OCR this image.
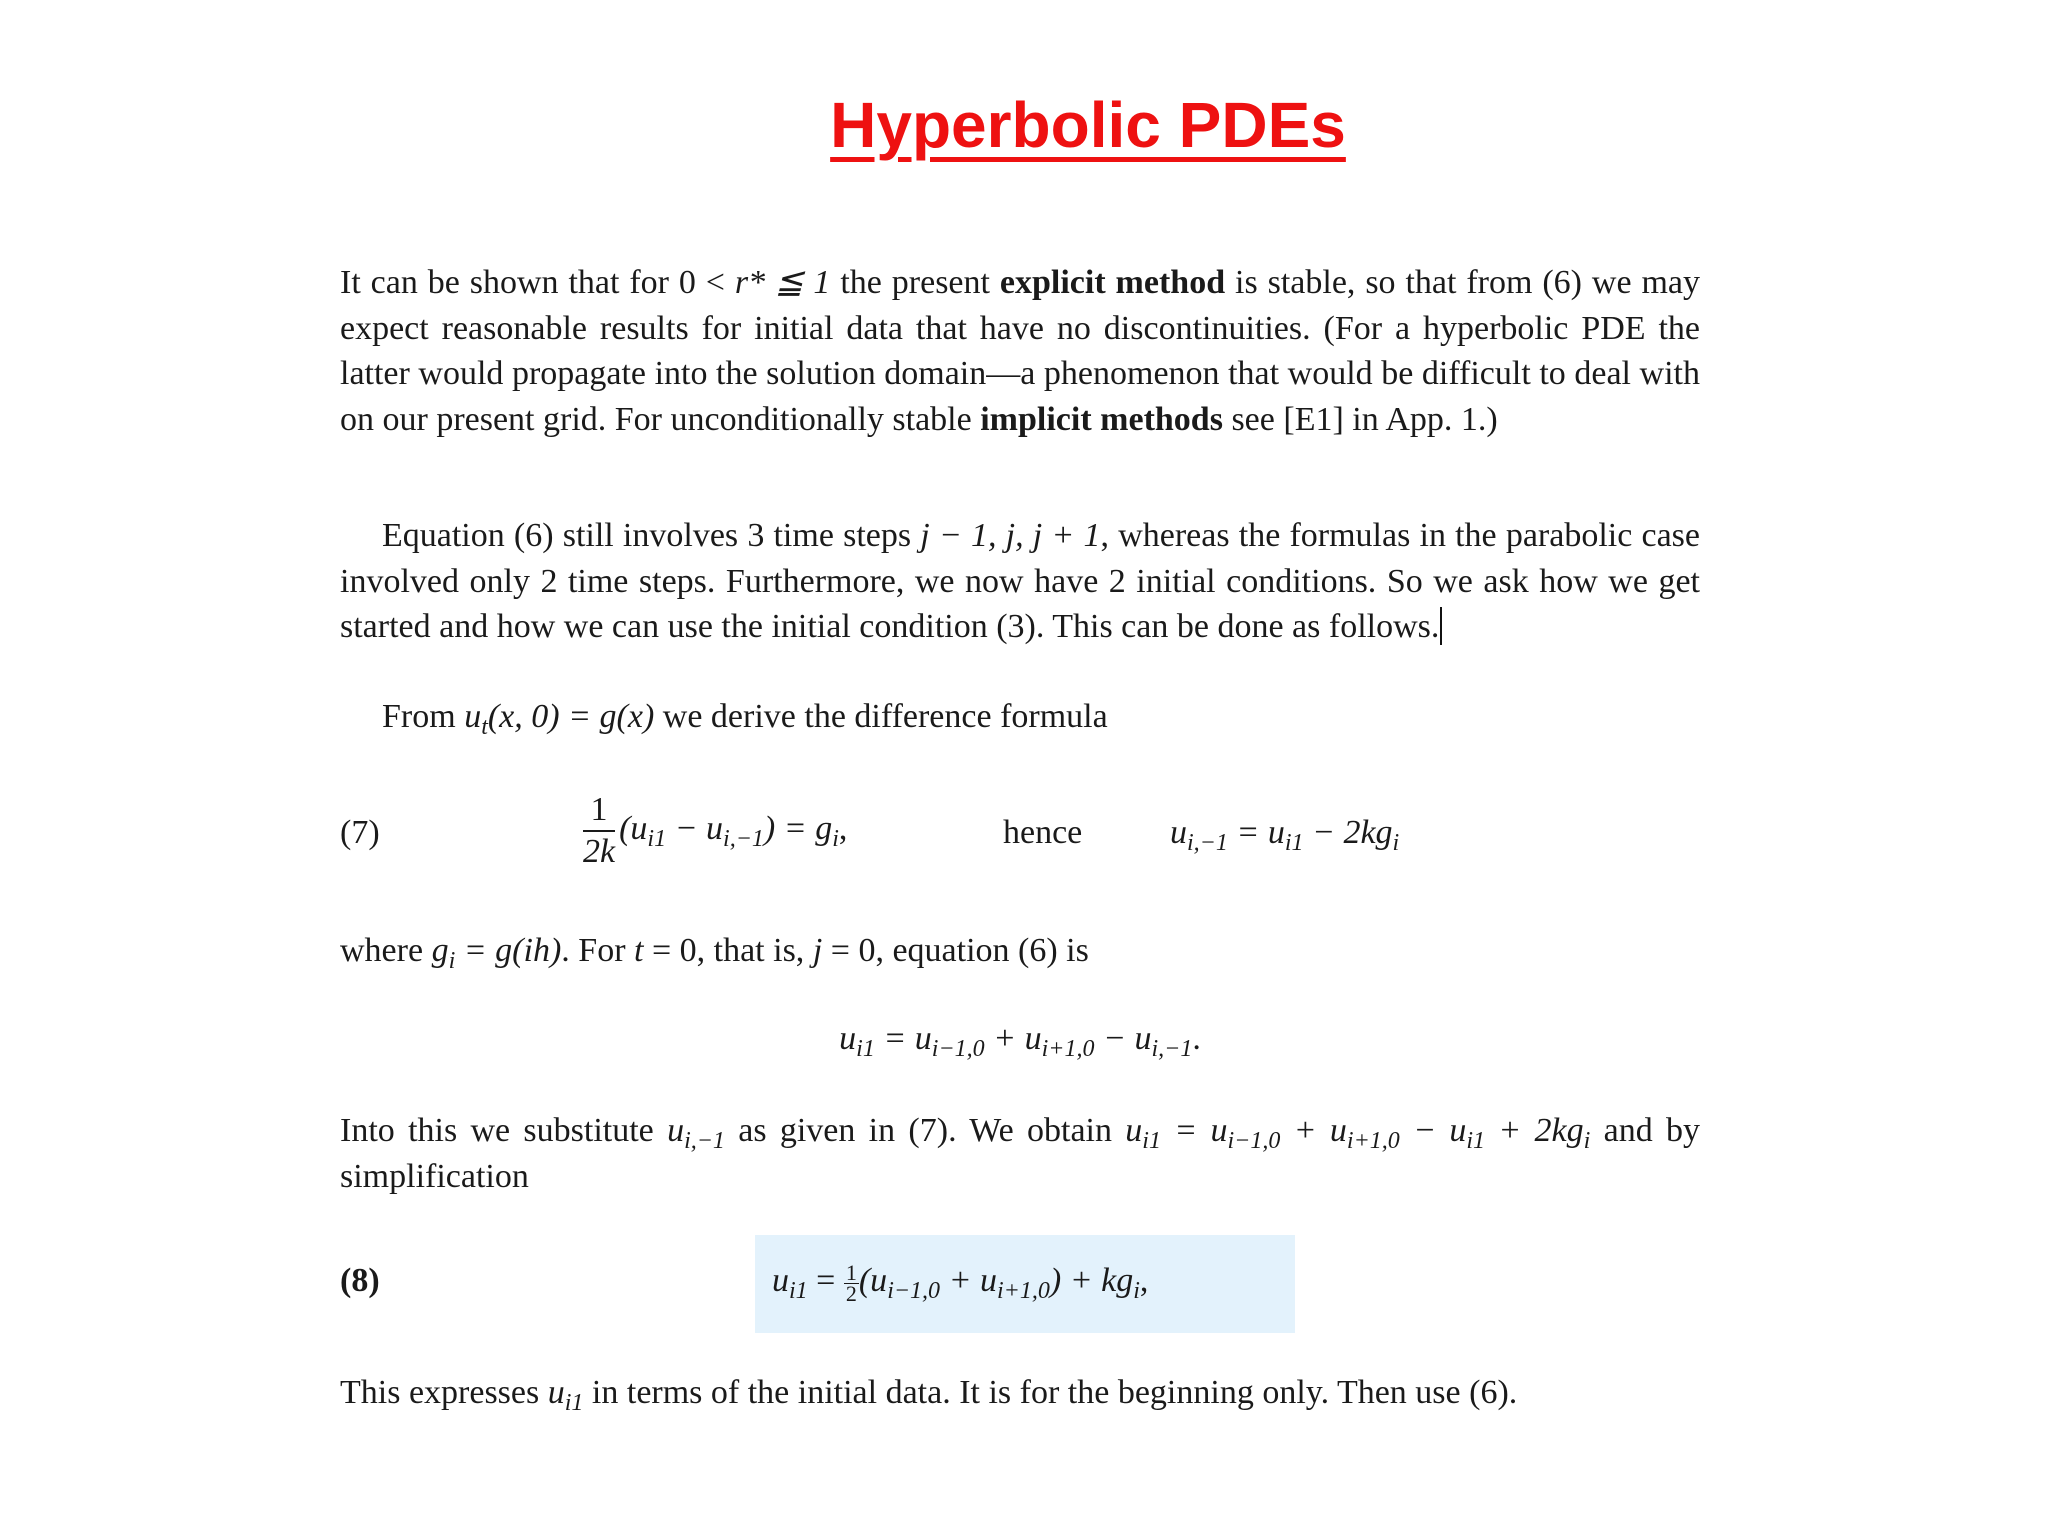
Hyperbolic PDEs

It can be shown that for 0 < r* ≦ 1 the present explicit method is stable, so that from (6) we may expect reasonable results for initial data that have no discontinuities. (For a hyperbolic PDE the latter would propagate into the solution domain—a phenomenon that would be difficult to deal with on our present grid. For unconditionally stable implicit methods see [E1] in App. 1.)

Equation (6) still involves 3 time steps j − 1, j, j + 1, whereas the formulas in the parabolic case involved only 2 time steps. Furthermore, we now have 2 initial conditions. So we ask how we get started and how we can use the initial condition (3). This can be done as follows.

From $u_t(x$, 0) = g(x) we derive the difference formula

(7)	$\frac{1}{2k} (u_{i1} - u_{i,-1}) = g_i$,	hence	$u_{i,-1} = u_{i1} - 2kg_i$

where $g_i = g(ih)$. For t = 0, that is, j = 0, equation (6) is

$u_{i1} = u_{i-1,0} + u_{i+1,0} - u_{i,-1}$.

Into this we substitute $u_{i,-1}$ as given in (7). We obtain $u_{i1} = u_{i-1,0} + u_{i+1,0} - u_{i1} + 2kg_i$ and by simplification

(8)	$u_{i1} = \frac{1}{2}(u_{i-1,0} + u_{i+1,0}) + kg_i$,

This expresses $u_{i1}$ in terms of the initial data. It is for the beginning only. Then use (6).
